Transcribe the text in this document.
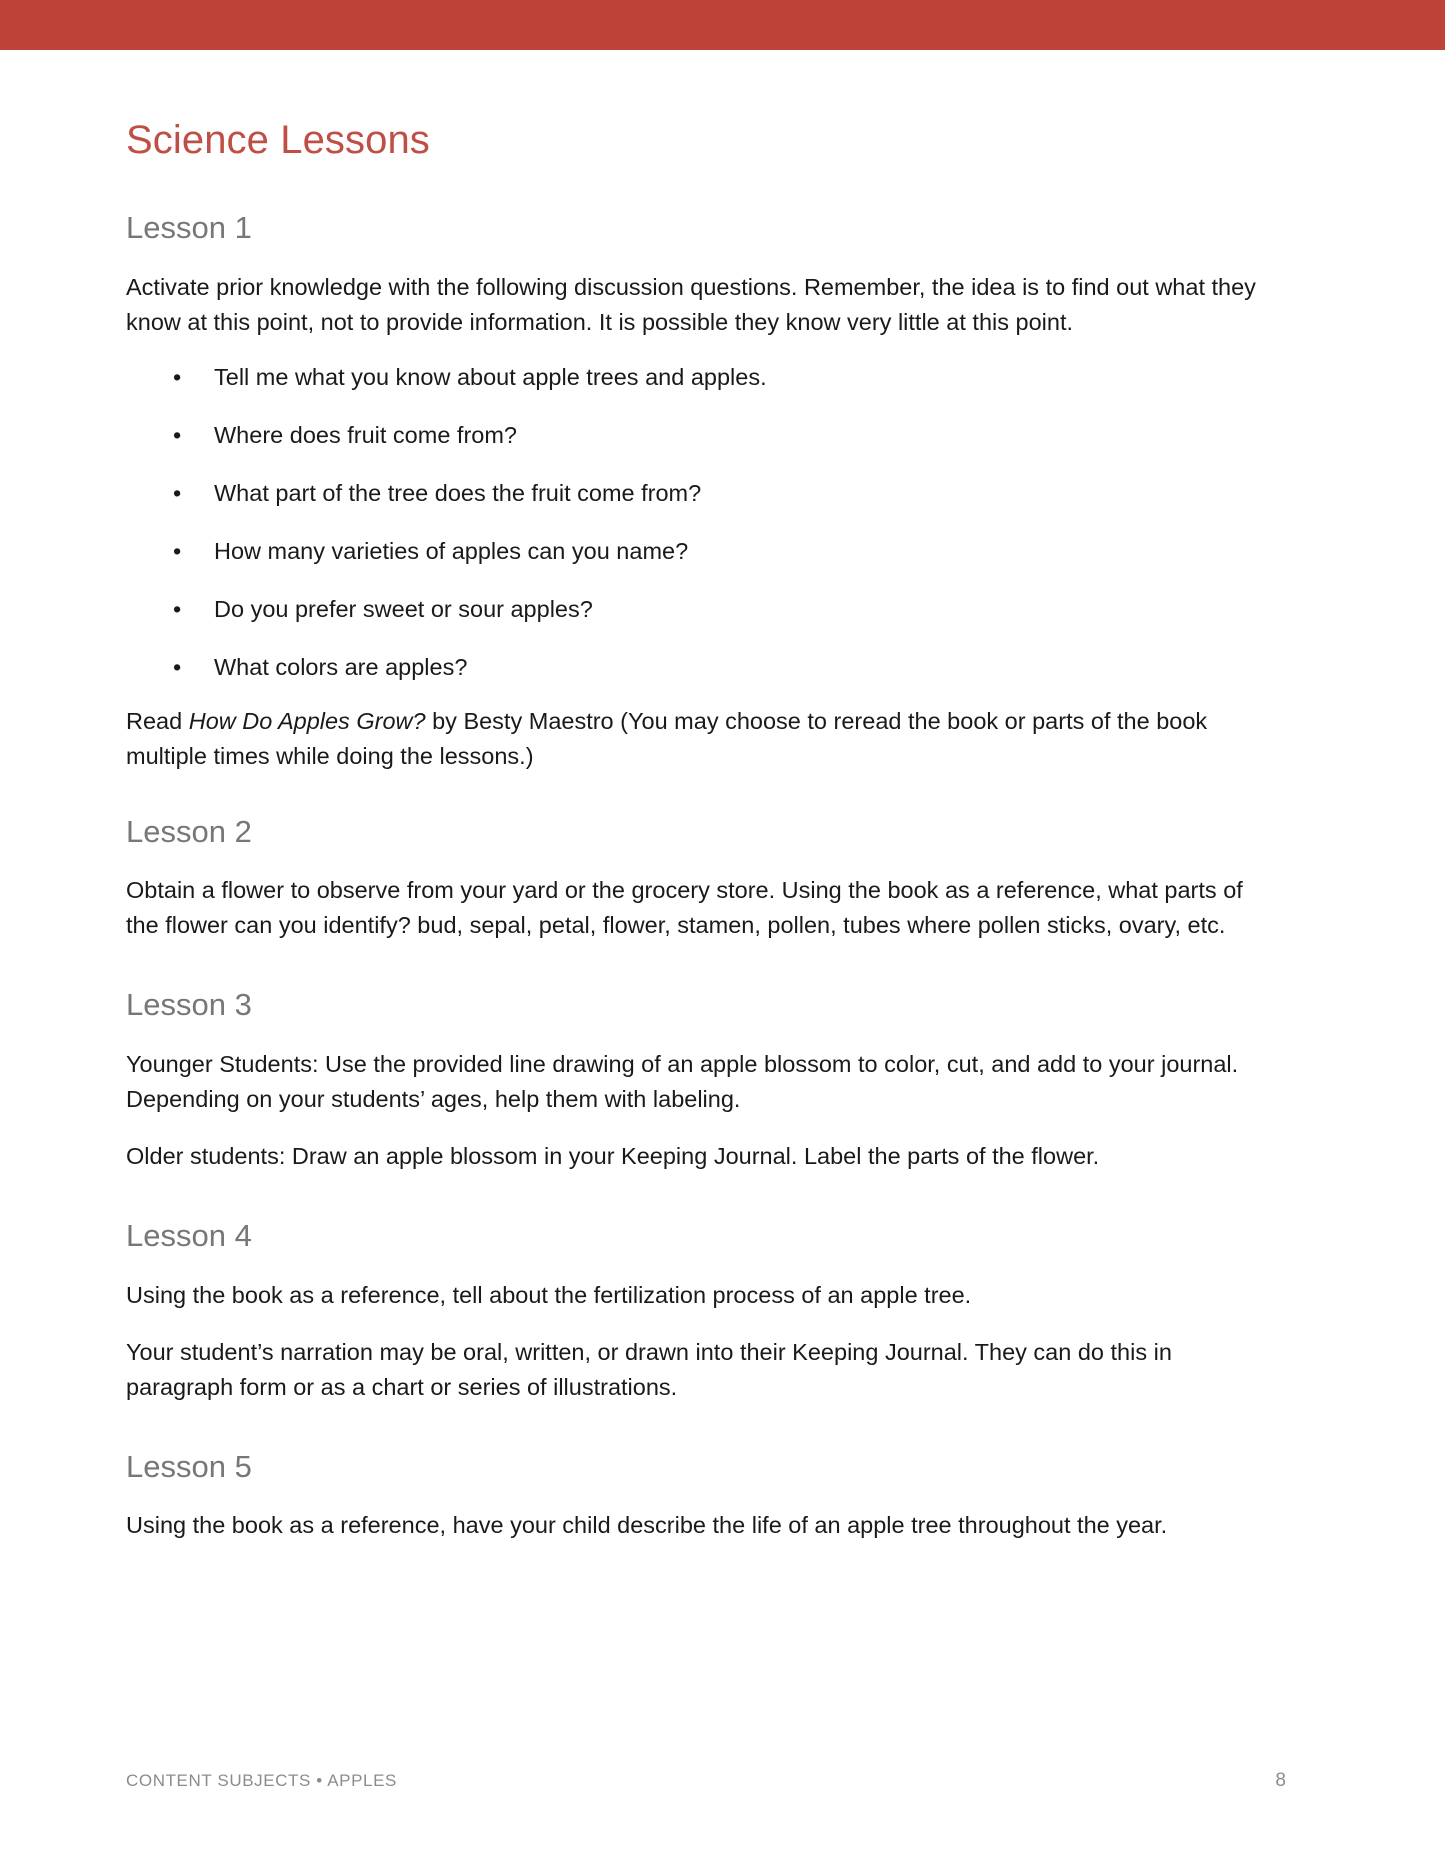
Science Lessons
Lesson 1

Activate prior knowledge with the following discussion questions. Remember, the idea is to find out what they know at this point, not to provide information. It is possible they know very little at this point.

• Tell me what you know about apple trees and apples.
• Where does fruit come from?
• What part of the tree does the fruit come from?
• How many varieties of apples can you name?
• Do you prefer sweet or sour apples?
• What colors are apples?

Read How Do Apples Grow? by Besty Maestro (You may choose to reread the book or parts of the book multiple times while doing the lessons.)

Lesson 2

Obtain a flower to observe from your yard or the grocery store. Using the book as a reference, what parts of the flower can you identify? bud, sepal, petal, flower, stamen, pollen, tubes where pollen sticks, ovary, etc.

Lesson 3

Younger Students: Use the provided line drawing of an apple blossom to color, cut, and add to your journal. Depending on your students’ ages, help them with labeling.

Older students: Draw an apple blossom in your Keeping Journal. Label the parts of the flower.

Lesson 4

Using the book as a reference, tell about the fertilization process of an apple tree.

Your student’s narration may be oral, written, or drawn into their Keeping Journal. They can do this in paragraph form or as a chart or series of illustrations.

Lesson 5

Using the book as a reference, have your child describe the life of an apple tree throughout the year.

CONTENT SUBJECTS • APPLES	8
